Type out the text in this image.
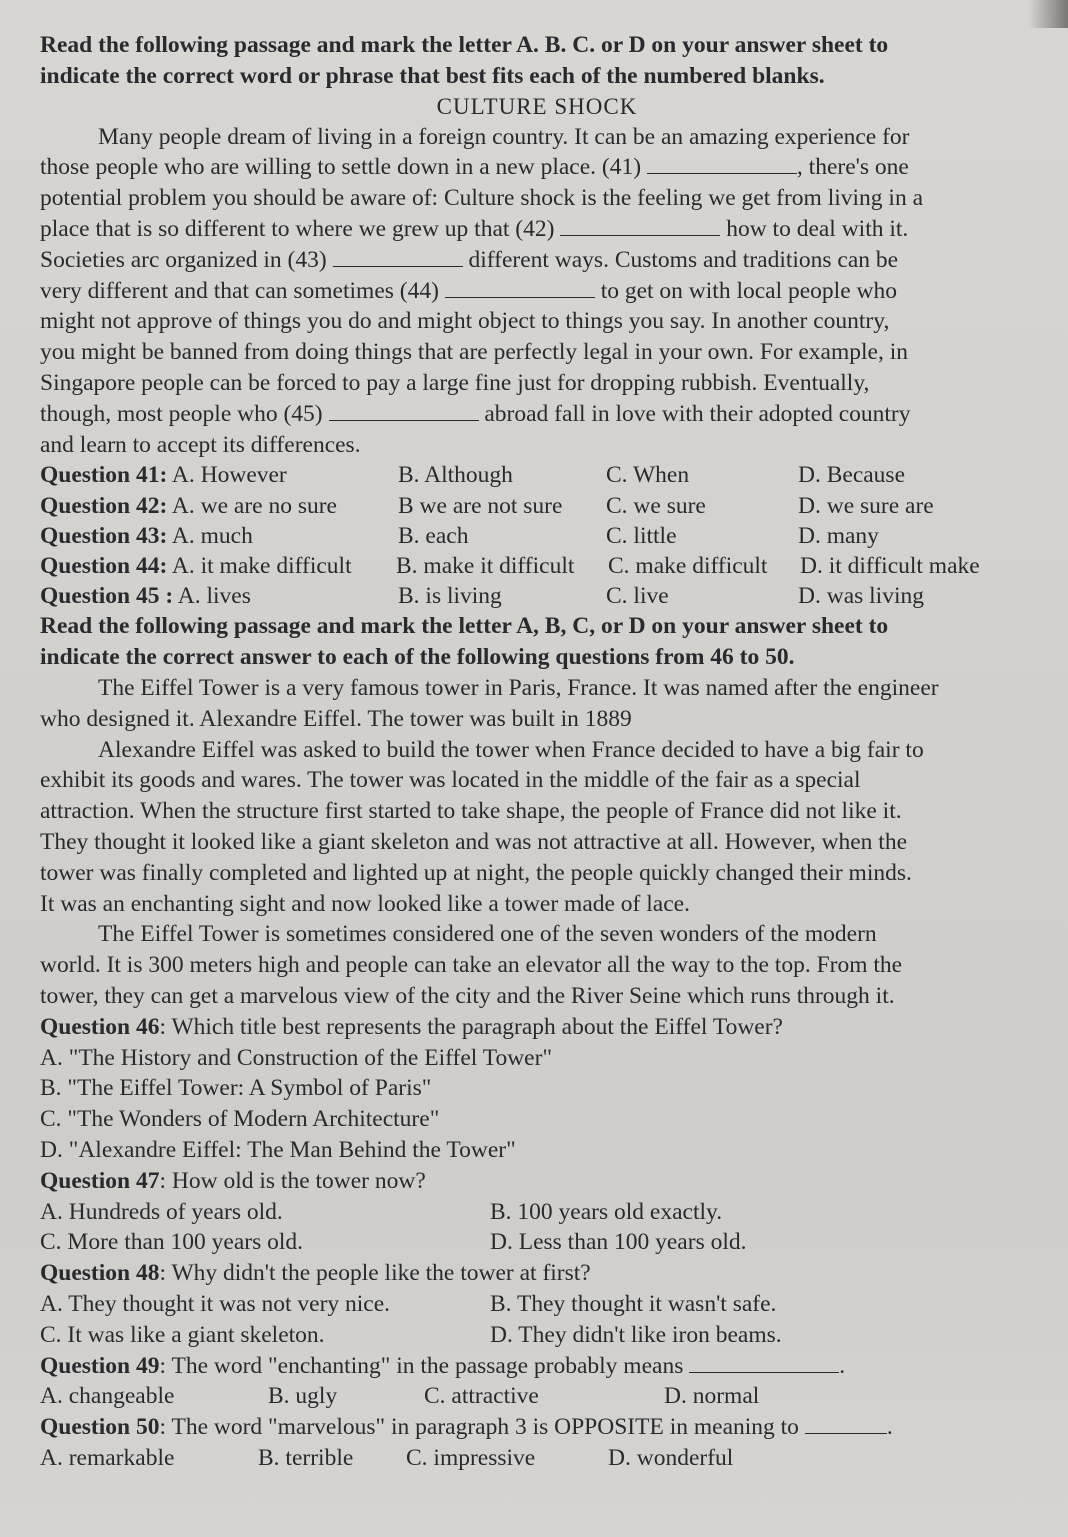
Read the following passage and mark the letter A. B. C. or D on your answer sheet to
indicate the correct word or phrase that best fits each of the numbered blanks.
CULTURE SHOCK
Many people dream of living in a foreign country. It can be an amazing experience for
those people who are willing to settle down in a new place. (41)	, there's one
potential problem you should be aware of: Culture shock is the feeling we get from living in a
place that is so different to where we grew up that (42)	how to deal with it.
Societies arc organized in (43)	different ways. Customs and traditions can be
very different and that can sometimes (44)	to get on with local people who
might not approve of things you do and might object to things you say. In another country,
you might be banned from doing things that are perfectly legal in your own. For example, in
Singapore people can be forced to pay a large fine just for dropping rubbish. Eventually,
though, most people who (45)	abroad fall in love with their adopted country
and learn to accept its differences.
Question 41: A. However	B. Although	C. When	D. Because
Question 42: A. we are no sure	B we are not sure	C. we sure	D. we sure are
Question 43: A. much	B. each	C. little	D. many
Question 44: A. it make difficult	B. make it difficult	C. make difficult	D. it difficult make
Question 45 : A. lives	B. is living	C. live	D. was living
Read the following passage and mark the letter A, B, C, or D on your answer sheet to
indicate the correct answer to each of the following questions from 46 to 50.
The Eiffel Tower is a very famous tower in Paris, France. It was named after the engineer
who designed it. Alexandre Eiffel. The tower was built in 1889
Alexandre Eiffel was asked to build the tower when France decided to have a big fair to
exhibit its goods and wares. The tower was located in the middle of the fair as a special
attraction. When the structure first started to take shape, the people of France did not like it.
They thought it looked like a giant skeleton and was not attractive at all. However, when the
tower was finally completed and lighted up at night, the people quickly changed their minds.
It was an enchanting sight and now looked like a tower made of lace.
The Eiffel Tower is sometimes considered one of the seven wonders of the modern
world. It is 300 meters high and people can take an elevator all the way to the top. From the
tower, they can get a marvelous view of the city and the River Seine which runs through it.
Question 46: Which title best represents the paragraph about the Eiffel Tower?
A. "The History and Construction of the Eiffel Tower"
B. "The Eiffel Tower: A Symbol of Paris"
C. "The Wonders of Modern Architecture"
D. "Alexandre Eiffel: The Man Behind the Tower"
Question 47: How old is the tower now?
A. Hundreds of years old.	B. 100 years old exactly.
C. More than 100 years old.	D. Less than 100 years old.
Question 48: Why didn't the people like the tower at first?
A. They thought it was not very nice.	B. They thought it wasn't safe.
C. It was like a giant skeleton.	D. They didn't like iron beams.
Question 49: The word "enchanting" in the passage probably means	.
A. changeable	B. ugly	C. attractive	D. normal
Question 50: The word "marvelous" in paragraph 3 is OPPOSITE in meaning to	.
A. remarkable	B. terrible	C. impressive	D. wonderful
